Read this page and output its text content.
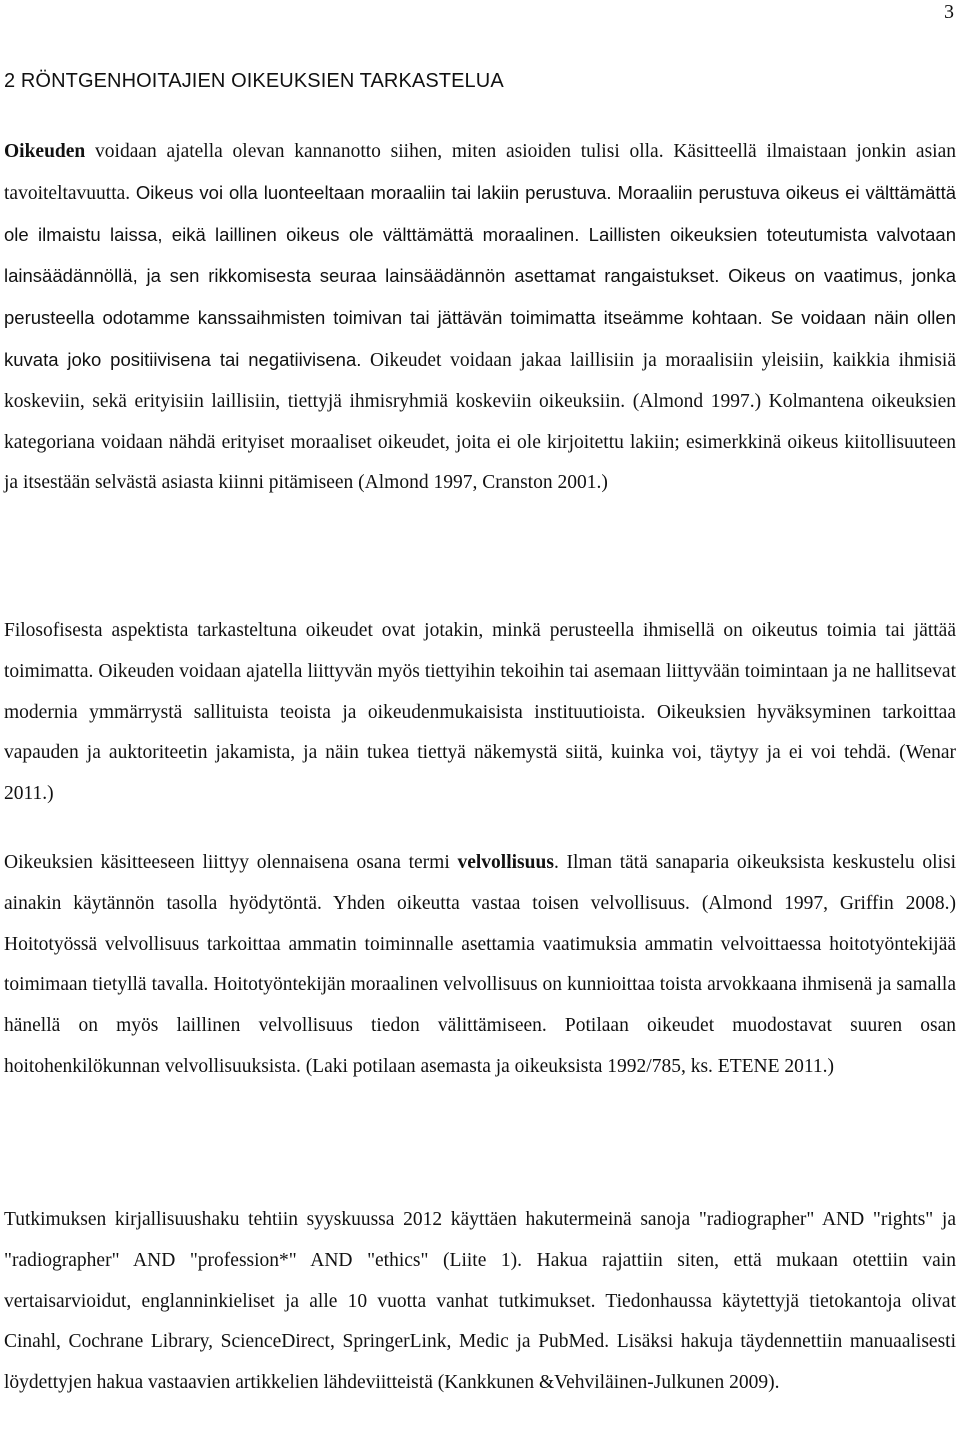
3
2 RÖNTGENHOITAJIEN OIKEUKSIEN TARKASTELUA

Oikeuden voidaan ajatella olevan kannanotto siihen, miten asioiden tulisi olla. Käsitteellä ilmaistaan jonkin asian tavoiteltavuutta. Oikeus voi olla luonteeltaan moraaliin tai lakiin perustuva. Moraaliin perustuva oikeus ei välttämättä ole ilmaistu laissa, eikä laillinen oikeus ole välttämättä moraalinen. Laillisten oikeuksien toteutumista valvotaan lainsäädännöllä, ja sen rikkomisesta seuraa lainsäädännön asettamat rangaistukset. Oikeus on vaatimus, jonka perusteella odotamme kanssaihmisten toimivan tai jättävän toimimatta itseämme kohtaan. Se voidaan näin ollen kuvata joko positiivisena tai negatiivisena. Oikeudet voidaan jakaa laillisiin ja moraalisiin yleisiin, kaikkia ihmisiä koskeviin, sekä erityisiin laillisiin, tiettyjä ihmisryhmiä koskeviin oikeuksiin. (Almond 1997.) Kolmantena oikeuksien kategoriana voidaan nähdä erityiset moraaliset oikeudet, joita ei ole kirjoitettu lakiin; esimerkkinä oikeus kiitollisuuteen ja itsestään selvästä asiasta kiinni pitämiseen (Almond 1997, Cranston 2001.)

Filosofisesta aspektista tarkasteltuna oikeudet ovat jotakin, minkä perusteella ihmisellä on oikeutus toimia tai jättää toimimatta. Oikeuden voidaan ajatella liittyvän myös tiettyihin tekoihin tai asemaan liittyvään toimintaan ja ne hallitsevat modernia ymmärrystä sallituista teoista ja oikeudenmukaisista instituutioista. Oikeuksien hyväksyminen tarkoittaa vapauden ja auktoriteetin jakamista, ja näin tukea tiettyä näkemystä siitä, kuinka voi, täytyy ja ei voi tehdä. (Wenar 2011.)

Oikeuksien käsitteeseen liittyy olennaisena osana termi velvollisuus. Ilman tätä sanaparia oikeuksista keskustelu olisi ainakin käytännön tasolla hyödytöntä. Yhden oikeutta vastaa toisen velvollisuus. (Almond 1997, Griffin 2008.) Hoitotyössä velvollisuus tarkoittaa ammatin toiminnalle asettamia vaatimuksia ammatin velvoittaessa hoitotyöntekijää toimimaan tietyllä tavalla. Hoitotyöntekijän moraalinen velvollisuus on kunnioittaa toista arvokkaana ihmisenä ja samalla hänellä on myös laillinen velvollisuus tiedon välittämiseen. Potilaan oikeudet muodostavat suuren osan hoitohenkilökunnan velvollisuuksista. (Laki potilaan asemasta ja oikeuksista 1992/785, ks. ETENE 2011.)

Tutkimuksen kirjallisuushaku tehtiin syyskuussa 2012 käyttäen hakutermeinä sanoja "radiographer" AND "rights" ja "radiographer" AND "profession*" AND "ethics" (Liite 1). Hakua rajattiin siten, että mukaan otettiin vain vertaisarvioidut, englanninkieliset ja alle 10 vuotta vanhat tutkimukset. Tiedonhaussa käytettyjä tietokantoja olivat Cinahl, Cochrane Library, ScienceDirect, SpringerLink, Medic ja PubMed. Lisäksi hakuja täydennettiin manuaalisesti löydettyjen hakua vastaavien artikkelien lähdeviitteistä (Kankkunen &Vehviläinen-Julkunen 2009).
